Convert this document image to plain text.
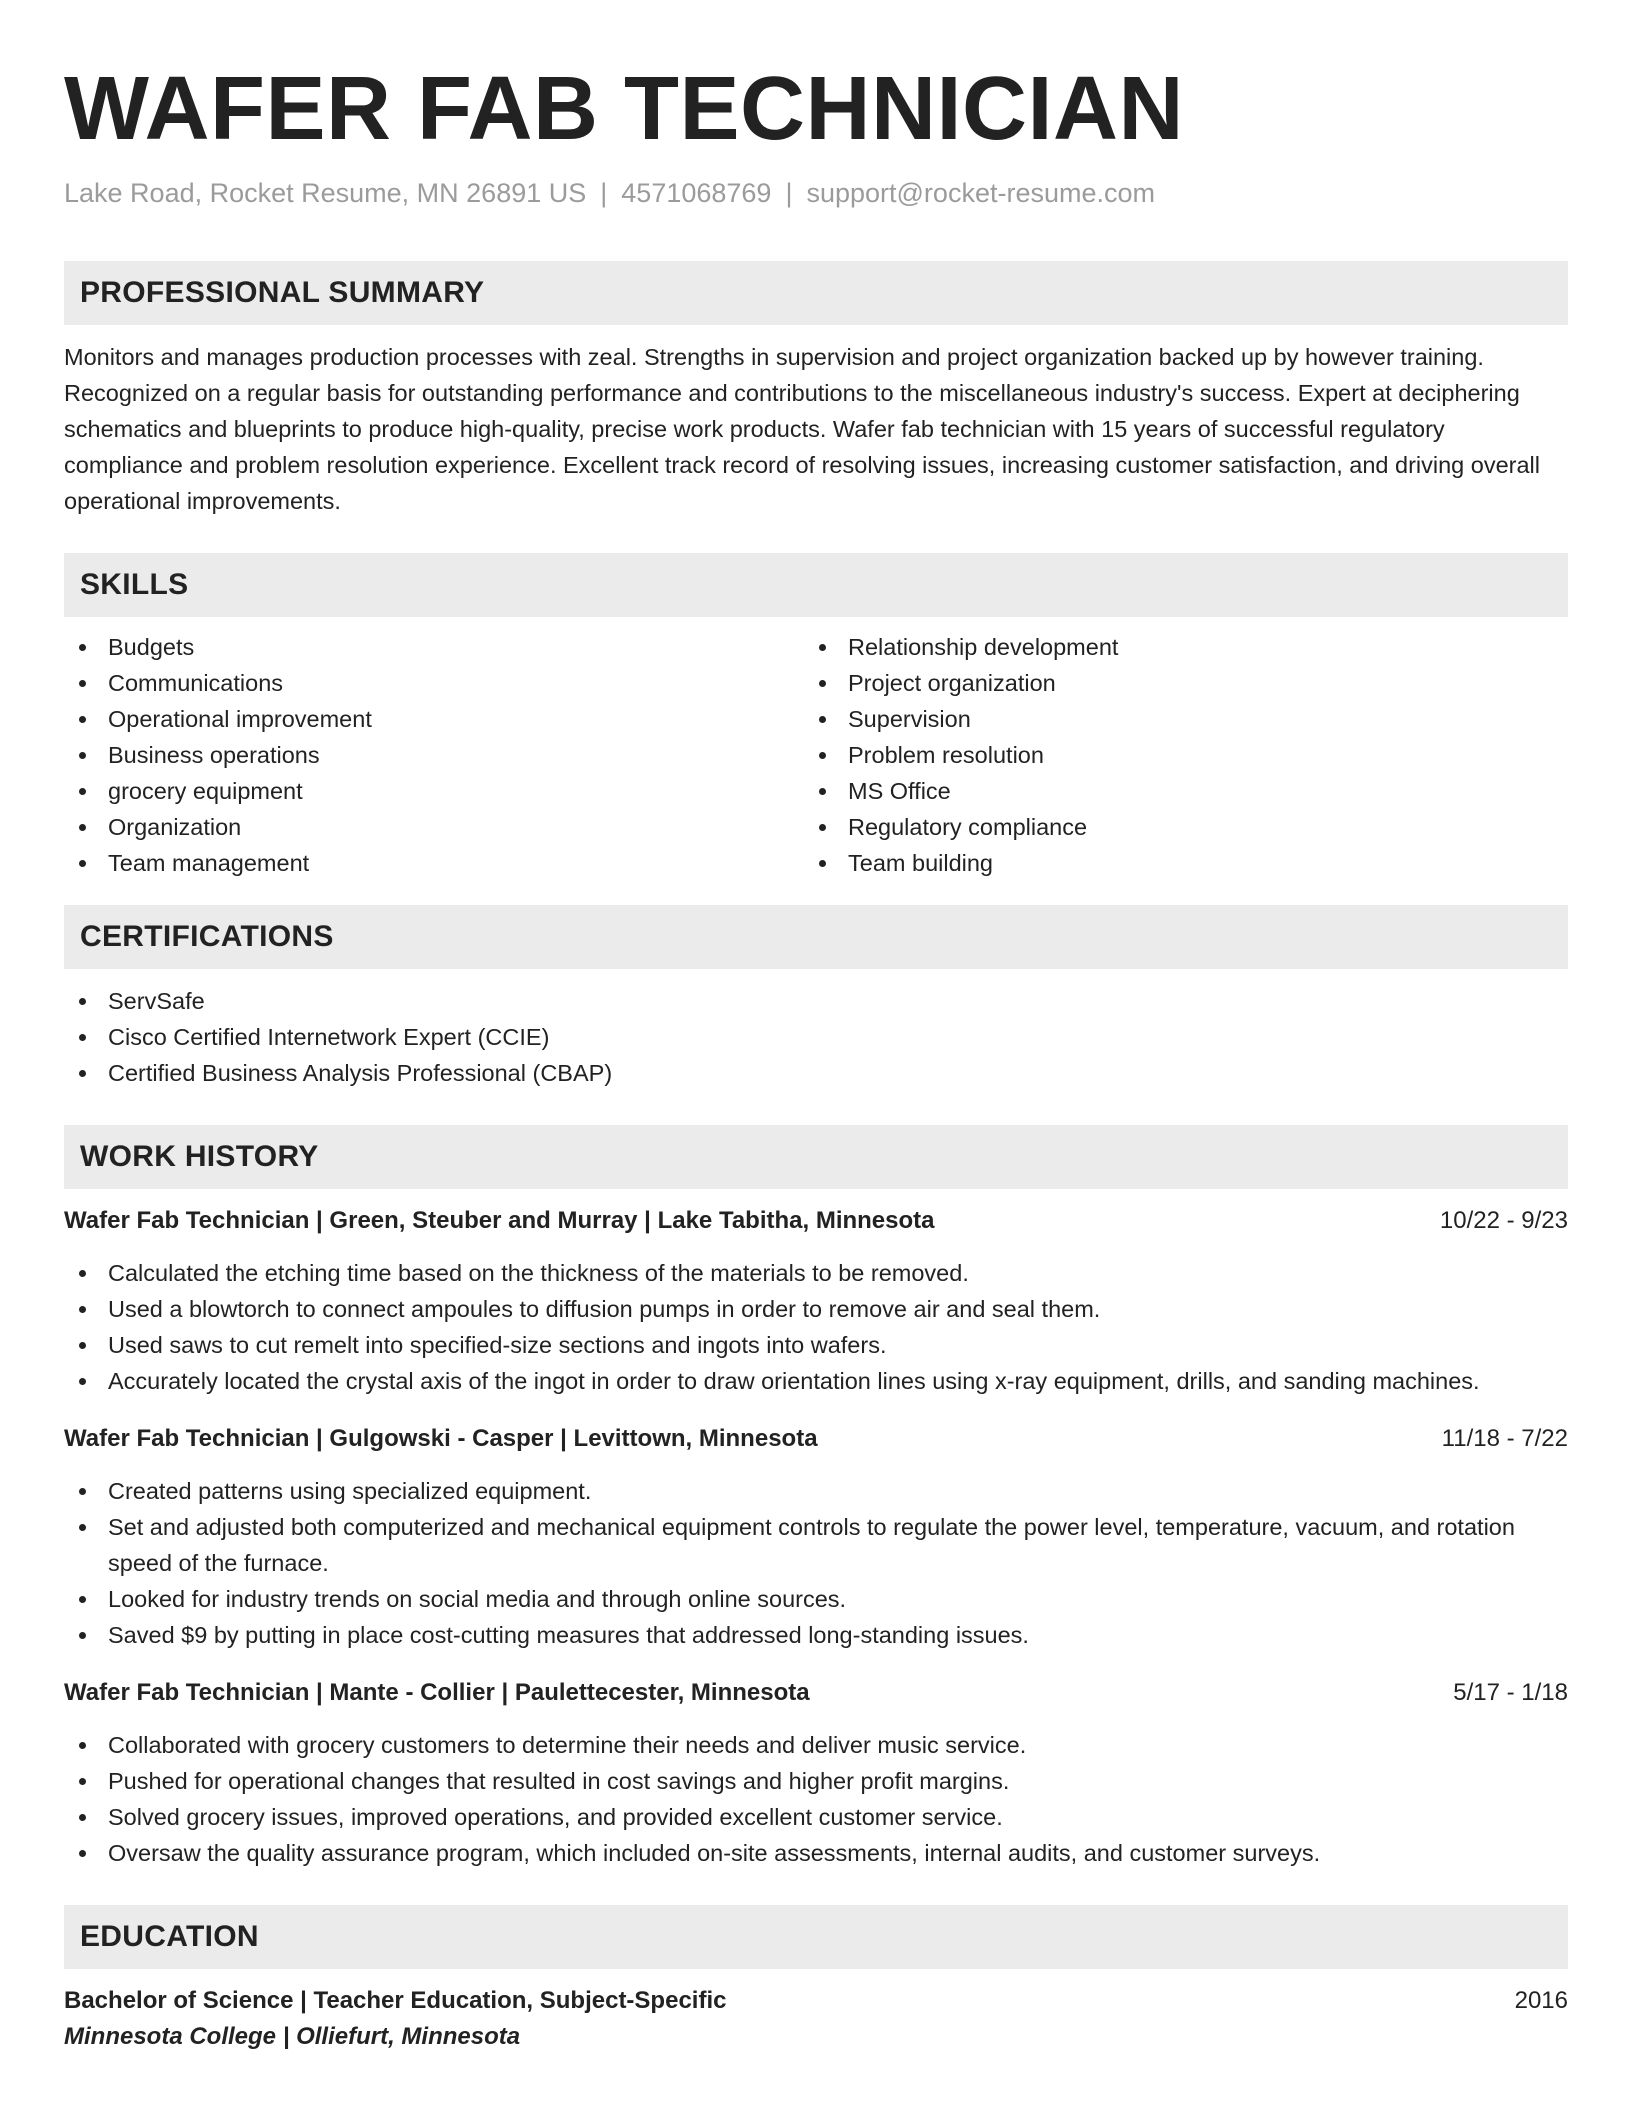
WAFER FAB TECHNICIAN
Lake Road, Rocket Resume, MN 26891 US | 4571068769 | support@rocket-resume.com
PROFESSIONAL SUMMARY

Monitors and manages production processes with zeal. Strengths in supervision and project organization backed up by however training. Recognized on a regular basis for outstanding performance and contributions to the miscellaneous industry's success. Expert at deciphering schematics and blueprints to produce high-quality, precise work products. Wafer fab technician with 15 years of successful regulatory compliance and problem resolution experience. Excellent track record of resolving issues, increasing customer satisfaction, and driving overall operational improvements.

SKILLS
Budgets
Communications
Operational improvement
Business operations
grocery equipment
Organization
Team management
Relationship development
Project organization
Supervision
Problem resolution
MS Office
Regulatory compliance
Team building
CERTIFICATIONS
ServSafe
Cisco Certified Internetwork Expert (CCIE)
Certified Business Analysis Professional (CBAP)
WORK HISTORY
Wafer Fab Technician | Green, Steuber and Murray | Lake Tabitha, Minnesota	10/22 - 9/23
Calculated the etching time based on the thickness of the materials to be removed.
Used a blowtorch to connect ampoules to diffusion pumps in order to remove air and seal them.
Used saws to cut remelt into specified-size sections and ingots into wafers.
Accurately located the crystal axis of the ingot in order to draw orientation lines using x-ray equipment, drills, and sanding machines.
Wafer Fab Technician | Gulgowski - Casper | Levittown, Minnesota	11/18 - 7/22
Created patterns using specialized equipment.
Set and adjusted both computerized and mechanical equipment controls to regulate the power level, temperature, vacuum, and rotation speed of the furnace.
Looked for industry trends on social media and through online sources.
Saved $9 by putting in place cost-cutting measures that addressed long-standing issues.
Wafer Fab Technician | Mante - Collier | Paulettecester, Minnesota	5/17 - 1/18
Collaborated with grocery customers to determine their needs and deliver music service.
Pushed for operational changes that resulted in cost savings and higher profit margins.
Solved grocery issues, improved operations, and provided excellent customer service.
Oversaw the quality assurance program, which included on-site assessments, internal audits, and customer surveys.
EDUCATION
Bachelor of Science | Teacher Education, Subject-Specific	2016
Minnesota College | Olliefurt, Minnesota
